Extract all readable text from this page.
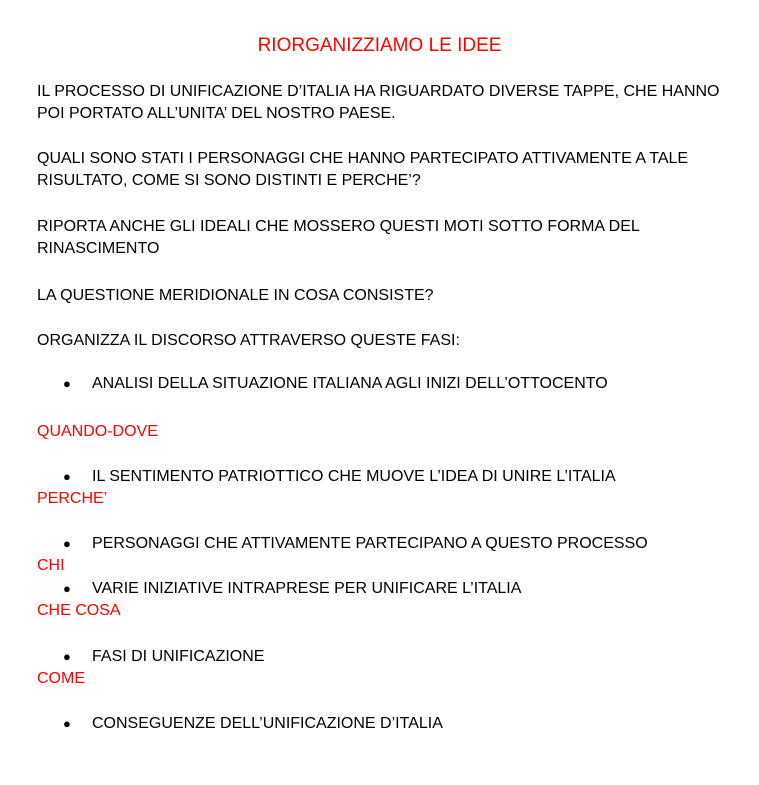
RIORGANIZZIAMO LE IDEE

IL PROCESSO DI UNIFICAZIONE D’ITALIA HA RIGUARDATO DIVERSE TAPPE, CHE HANNO POI PORTATO ALL’UNITA’ DEL NOSTRO PAESE.

QUALI SONO STATI I PERSONAGGI CHE HANNO PARTECIPATO ATTIVAMENTE A TALE RISULTATO, COME SI SONO DISTINTI E PERCHE’?

RIPORTA ANCHE GLI IDEALI CHE MOSSERO QUESTI MOTI SOTTO FORMA DEL RINASCIMENTO

LA QUESTIONE MERIDIONALE IN COSA CONSISTE?

ORGANIZZA IL DISCORSO ATTRAVERSO QUESTE FASI:

● ANALISI DELLA SITUAZIONE ITALIANA AGLI INIZI DELL’OTTOCENTO
QUANDO-DOVE
● IL SENTIMENTO PATRIOTTICO CHE MUOVE L’IDEA DI UNIRE L’ITALIA
PERCHE’
● PERSONAGGI CHE ATTIVAMENTE PARTECIPANO A QUESTO PROCESSO
CHI
● VARIE INIZIATIVE INTRAPRESE PER UNIFICARE L’ITALIA
CHE COSA
● FASI DI UNIFICAZIONE
COME
● CONSEGUENZE DELL’UNIFICAZIONE D’ITALIA
